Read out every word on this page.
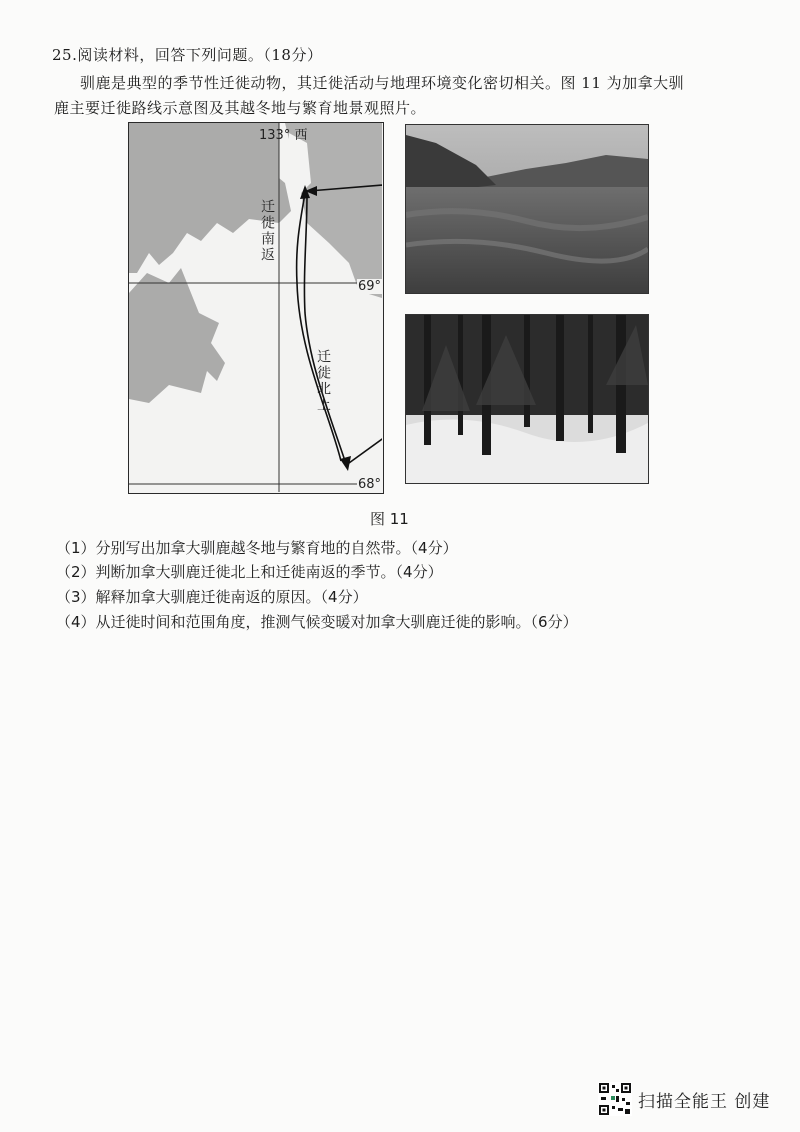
25.阅读材料，回答下列问题。（18分）
驯鹿是典型的季节性迁徙动物，其迁徙活动与地理环境变化密切相关。图 11 为加拿大驯
鹿主要迁徙路线示意图及其越冬地与繁育地景观照片。
133° 西
69°
68°
迁徙南返
迁徙北上
图 11
（1）分别写出加拿大驯鹿越冬地与繁育地的自然带。（4分）
（2）判断加拿大驯鹿迁徙北上和迁徙南返的季节。（4分）
（3）解释加拿大驯鹿迁徙南返的原因。（4分）
（4）从迁徙时间和范围角度，推测气候变暖对加拿大驯鹿迁徙的影响。（6分）
扫描全能王 创建
